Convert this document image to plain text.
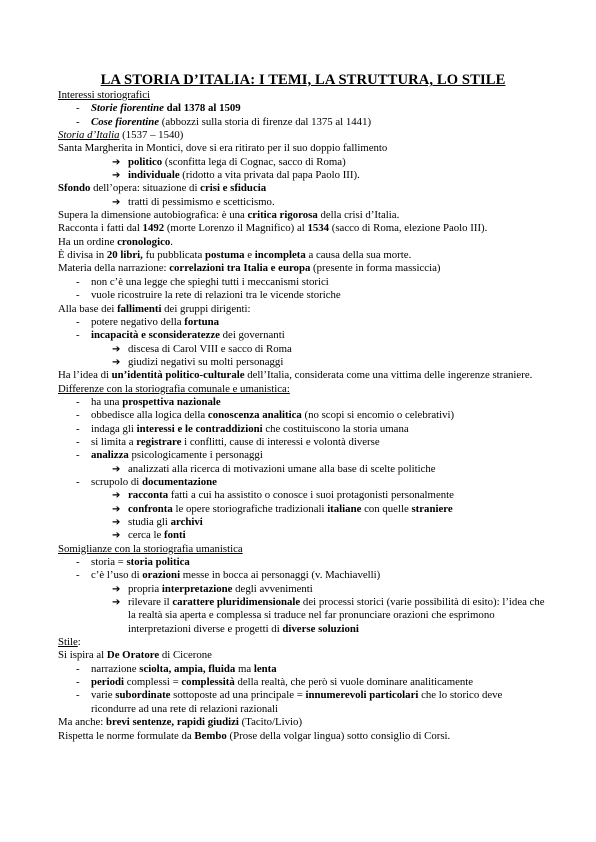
LA STORIA D’ITALIA: I TEMI, LA STRUTTURA, LO STILE
Interessi storiografici
- Storie fiorentine dal 1378 al 1509
- Cose fiorentine (abbozzi sulla storia di firenze dal 1375 al 1441)
Storia d’Italia (1537 – 1540)
Santa Margherita in Montici, dove si era ritirato per il suo doppio fallimento
➔ politico (sconfitta lega di Cognac, sacco di Roma)
➔ individuale (ridotto a vita privata dal papa Paolo III).
Sfondo dell’opera: situazione di crisi e sfiducia
➔ tratti di pessimismo e scetticismo.
Supera la dimensione autobiografica: è una critica rigorosa della crisi d’Italia.
Racconta i fatti dal 1492 (morte Lorenzo il Magnifico) al 1534 (sacco di Roma, elezione Paolo III).
Ha un ordine cronologico.
È divisa in 20 libri, fu pubblicata postuma e incompleta a causa della sua morte.
Materia della narrazione: correlazioni tra Italia e europa (presente in forma massiccia)
- non c’è una legge che spieghi tutti i meccanismi storici
- vuole ricostruire la rete di relazioni tra le vicende storiche
Alla base dei fallimenti dei gruppi dirigenti:
- potere negativo della fortuna
- incapacità e sconsideratezze dei governanti
➔ discesa di Carol VIII e sacco di Roma
➔ giudizi negativi su molti personaggi
Ha l’idea di un’identità politico-culturale dell’Italia, considerata come una vittima delle ingerenze straniere.
Differenze con la storiografia comunale e umanistica:
- ha una prospettiva nazionale
- obbedisce alla logica della conoscenza analitica (no scopi si encomio o celebrativi)
- indaga gli interessi e le contraddizioni che costituiscono la storia umana
- si limita a registrare i conflitti, cause di interessi e volontà diverse
- analizza psicologicamente i personaggi
➔ analizzati alla ricerca di motivazioni umane alla base di scelte politiche
- scrupolo di documentazione
➔ racconta fatti a cui ha assistito o conosce i suoi protagonisti personalmente
➔ confronta le opere storiografiche tradizionali italiane con quelle straniere
➔ studia gli archivi
➔ cerca le fonti
Somiglianze con la storiografia umanistica
- storia = storia politica
- c’è l’uso di orazioni messe in bocca ai personaggi (v. Machiavelli)
➔ propria interpretazione degli avvenimenti
➔ rilevare il carattere pluridimensionale dei processi storici (varie possibilità di esito): l’idea che la realtà sia aperta e complessa si traduce nel far pronunciare orazioni che esprimono interpretazioni diverse e progetti di diverse soluzioni
Stile:
Si ispira al De Oratore di Cicerone
- narrazione sciolta, ampia, fluida ma lenta
- periodi complessi = complessità della realtà, che però si vuole dominare analiticamente
- varie subordinate sottoposte ad una principale = innumerevoli particolari che lo storico deve ricondurre ad una rete di relazioni razionali
Ma anche: brevi sentenze, rapidi giudizi (Tacito/Livio)
Rispetta le norme formulate da Bembo (Prose della volgar lingua) sotto consiglio di Corsi.
